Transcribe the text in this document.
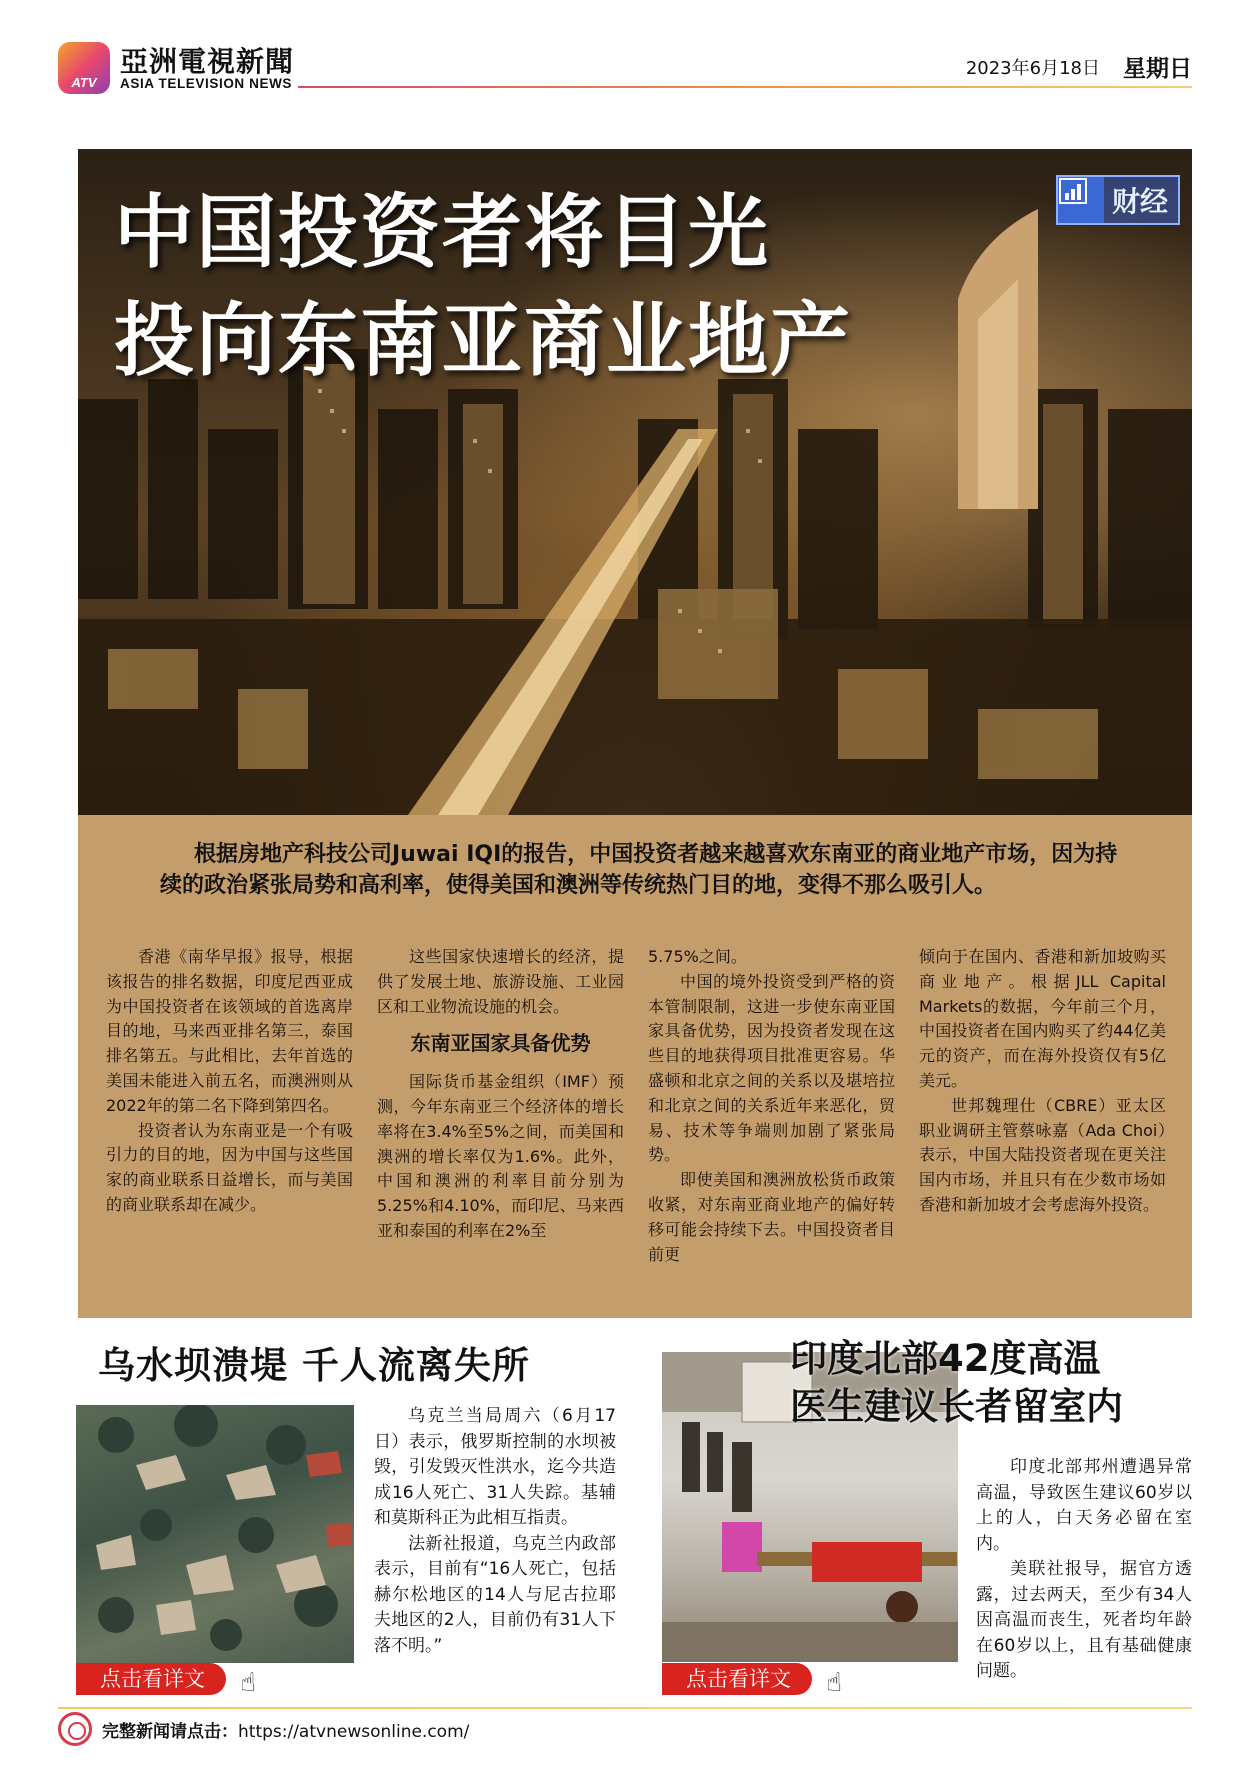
ATV
亞洲電視新聞
ASIA TELEVISION NEWS
2023年6月18日 星期日
中国投资者将目光
投向东南亚商业地产
财经
根据房地产科技公司Juwai IQI的报告，中国投资者越来越喜欢东南亚的商业地产市场，因为持续的政治紧张局势和高利率，使得美国和澳洲等传统热门目的地，变得不那么吸引人。

香港《南华早报》报导，根据该报告的排名数据，印度尼西亚成为中国投资者在该领域的首选离岸目的地，马来西亚排名第三，泰国排名第五。与此相比，去年首选的美国未能进入前五名，而澳洲则从2022年的第二名下降到第四名。

投资者认为东南亚是一个有吸引力的目的地，因为中国与这些国家的商业联系日益增长，而与美国的商业联系却在减少。

这些国家快速增长的经济，提供了发展土地、旅游设施、工业园区和工业物流设施的机会。

东南亚国家具备优势

国际货币基金组织（IMF）预测，今年东南亚三个经济体的增长率将在3.4%至5%之间，而美国和澳洲的增长率仅为1.6%。此外，中国和澳洲的利率目前分别为5.25%和4.10%，而印尼、马来西亚和泰国的利率在2%至

5.75%之间。

中国的境外投资受到严格的资本管制限制，这进一步使东南亚国家具备优势，因为投资者发现在这些目的地获得项目批准更容易。华盛顿和北京之间的关系以及堪培拉和北京之间的关系近年来恶化，贸易、技术等争端则加剧了紧张局势。

即使美国和澳洲放松货币政策收紧，对东南亚商业地产的偏好转移可能会持续下去。中国投资者目前更

倾向于在国内、香港和新加坡购买商业地产。根据JLL Capital Markets的数据，今年前三个月，中国投资者在国内购买了约44亿美元的资产，而在海外投资仅有5亿美元。

世邦魏理仕（CBRE）亚太区职业调研主管蔡咏嘉（Ada Choi）表示，中国大陆投资者现在更关注国内市场，并且只有在少数市场如香港和新加坡才会考虑海外投资。

乌水坝溃堤 千人流离失所
点击看详文 ☝

乌克兰当局周六（6月17日）表示，俄罗斯控制的水坝被毁，引发毁灭性洪水，迄今共造成16人死亡、31人失踪。基辅和莫斯科正为此相互指责。

法新社报道，乌克兰内政部表示，目前有“16人死亡，包括赫尔松地区的14人与尼古拉耶夫地区的2人，目前仍有31人下落不明。”

印度北部42度高温
医生建议长者留室内
点击看详文 ☝

印度北部邦州遭遇异常高温，导致医生建议60岁以上的人，白天务必留在室内。

美联社报导，据官方透露，过去两天，至少有34人因高温而丧生，死者均年龄在60岁以上，且有基础健康问题。

完整新闻请点击：https://atvnewsonline.com/
